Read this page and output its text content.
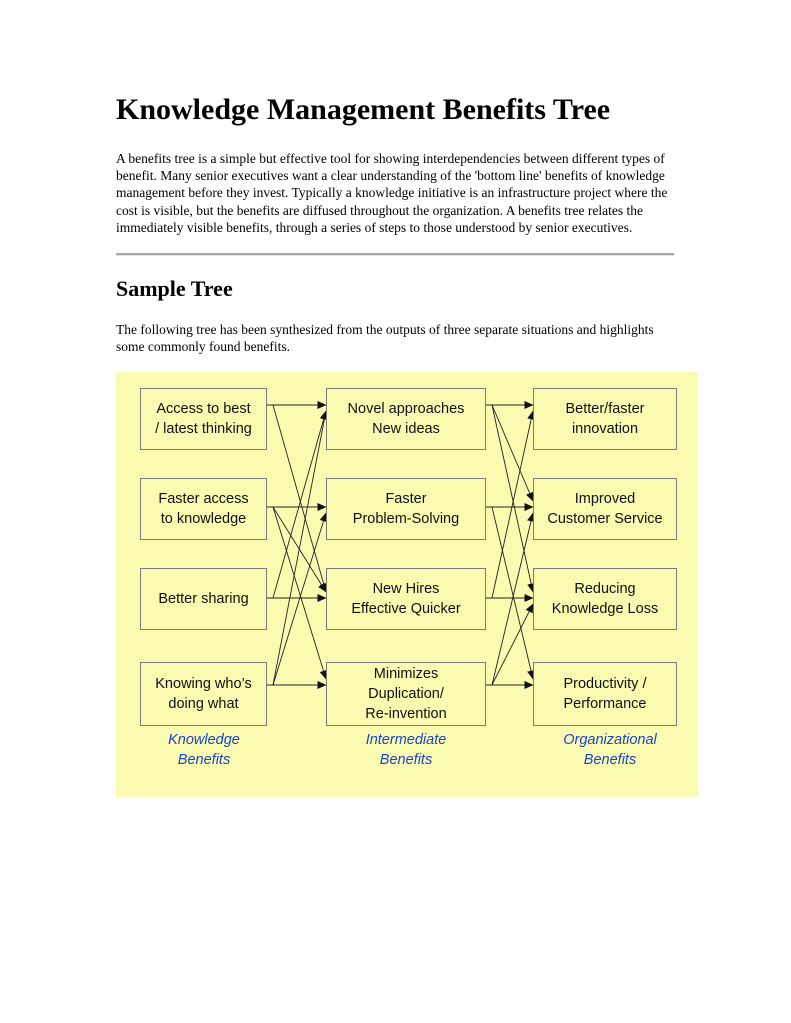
Knowledge Management Benefits Tree

A benefits tree is a simple but effective tool for showing interdependencies between different types of benefit. Many senior executives want a clear understanding of the 'bottom line' benefits of knowledge management before they invest. Typically a knowledge initiative is an infrastructure project where the cost is visible, but the benefits are diffused throughout the organization. A benefits tree relates the immediately visible benefits, through a series of steps to those understood by senior executives.

Sample Tree

The following tree has been synthesized from the outputs of three separate situations and highlights some commonly found benefits.

Access to best
/ latest thinking
Faster access
to knowledge
Better sharing
Knowing who’s
doing what
Novel approaches
New ideas
Faster
Problem-Solving
New Hires
Effective Quicker
Minimizes
Duplication/
Re-invention
Better/faster
innovation
Improved
Customer Service
Reducing
Knowledge Loss
Productivity /
Performance
Knowledge
Benefits
Intermediate
Benefits
Organizational
Benefits
